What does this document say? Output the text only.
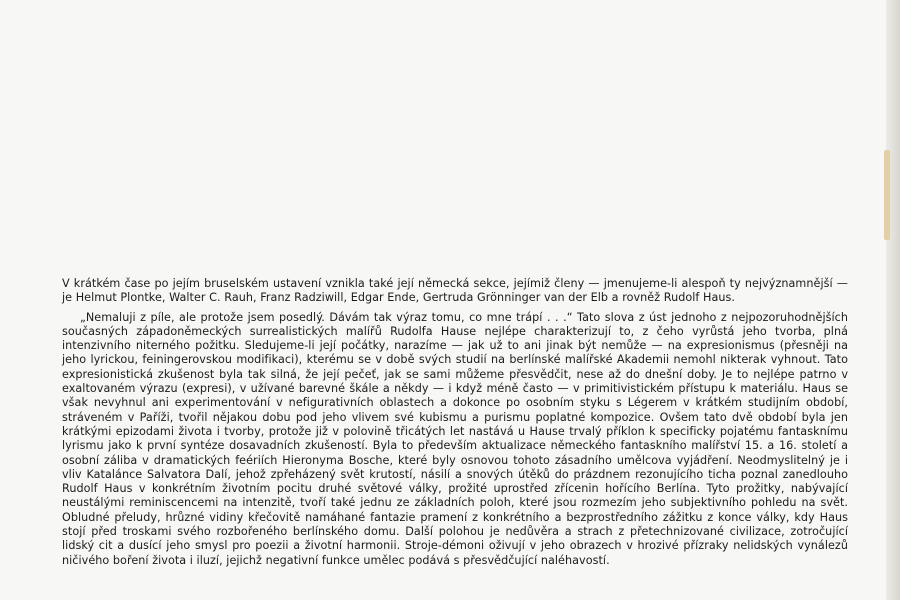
V krátkém čase po jejím bruselském ustavení vznikla také její německá sekce, jejímiž členy — jmenujeme-li alespoň ty nejvýznamnější — je Helmut Plontke, Walter C. Rauh, Franz Radziwill, Edgar Ende, Gertruda Grönninger van der Elb a rovněž Rudolf Haus.

„Nemaluji z píle, ale protože jsem posedlý. Dávám tak výraz tomu, co mne trápí . . .“ Tato slova z úst jednoho z nejpozoruhodnějších současných západoněmeckých surrealistických malířů Rudolfa Hause nejlépe charakterizují to, z čeho vyrůstá jeho tvorba, plná intenzivního niterného požitku. Sledujeme-li její počátky, narazíme — jak už to ani jinak být nemůže — na expresionismus (přesněji na jeho lyrickou, feiningerovskou modifikaci), kterému se v době svých studií na berlínské malířské Akademii nemohl nikterak vyhnout. Tato expresionistická zkušenost byla tak silná, že její pečeť, jak se sami můžeme přesvědčit, nese až do dnešní doby. Je to nejlépe patrno v exaltovaném výrazu (expresi), v užívané barevné škále a někdy — i když méně často — v primitivistickém přístupu k materiálu. Haus se však nevyhnul ani experimentování v nefigurativních oblastech a dokonce po osobním styku s Légerem v krátkém studijním období, stráveném v Paříži, tvořil nějakou dobu pod jeho vlivem své kubismu a purismu poplatné kompozice. Ovšem tato dvě období byla jen krátkými epizodami života i tvorby, protože již v polovině třicátých let nastává u Hause trvalý příklon k specificky pojatému fantasknímu lyrismu jako k první syntéze dosavadních zkušeností. Byla to především aktualizace německého fantaskního malířství 15. a 16. století a osobní záliba v dramatických feériích Hieronyma Bosche, které byly osnovou tohoto zásadního umělcova vyjádření. Neodmyslitelný je i vliv Katalánce Salvatora Dalí, jehož zpřeházený svět krutostí, násilí a snových útěků do prázdnem rezonujícího ticha poznal zanedlouho Rudolf Haus v konkrétním životním pocitu druhé světové války, prožité uprostřed zřícenin hořícího Berlína. Tyto prožitky, nabývající neustálými reminiscencemi na intenzitě, tvoří také jednu ze základních poloh, které jsou rozmezím jeho subjektivního pohledu na svět. Obludné přeludy, hrůzné vidiny křečovitě namáhané fantazie pramení z konkrétního a bezprostředního zážitku z konce války, kdy Haus stojí před troskami svého rozbořeného berlínského domu. Další polohou je nedůvěra a strach z přetechnizované civilizace, zotročující lidský cit a dusící jeho smysl pro poezii a životní harmonii. Stroje-démoni oživují v jeho obrazech v hrozivé přízraky nelidských vynálezů ničivého boření života i iluzí, jejichž negativní funkce umělec podává s přesvědčující naléhavostí.
